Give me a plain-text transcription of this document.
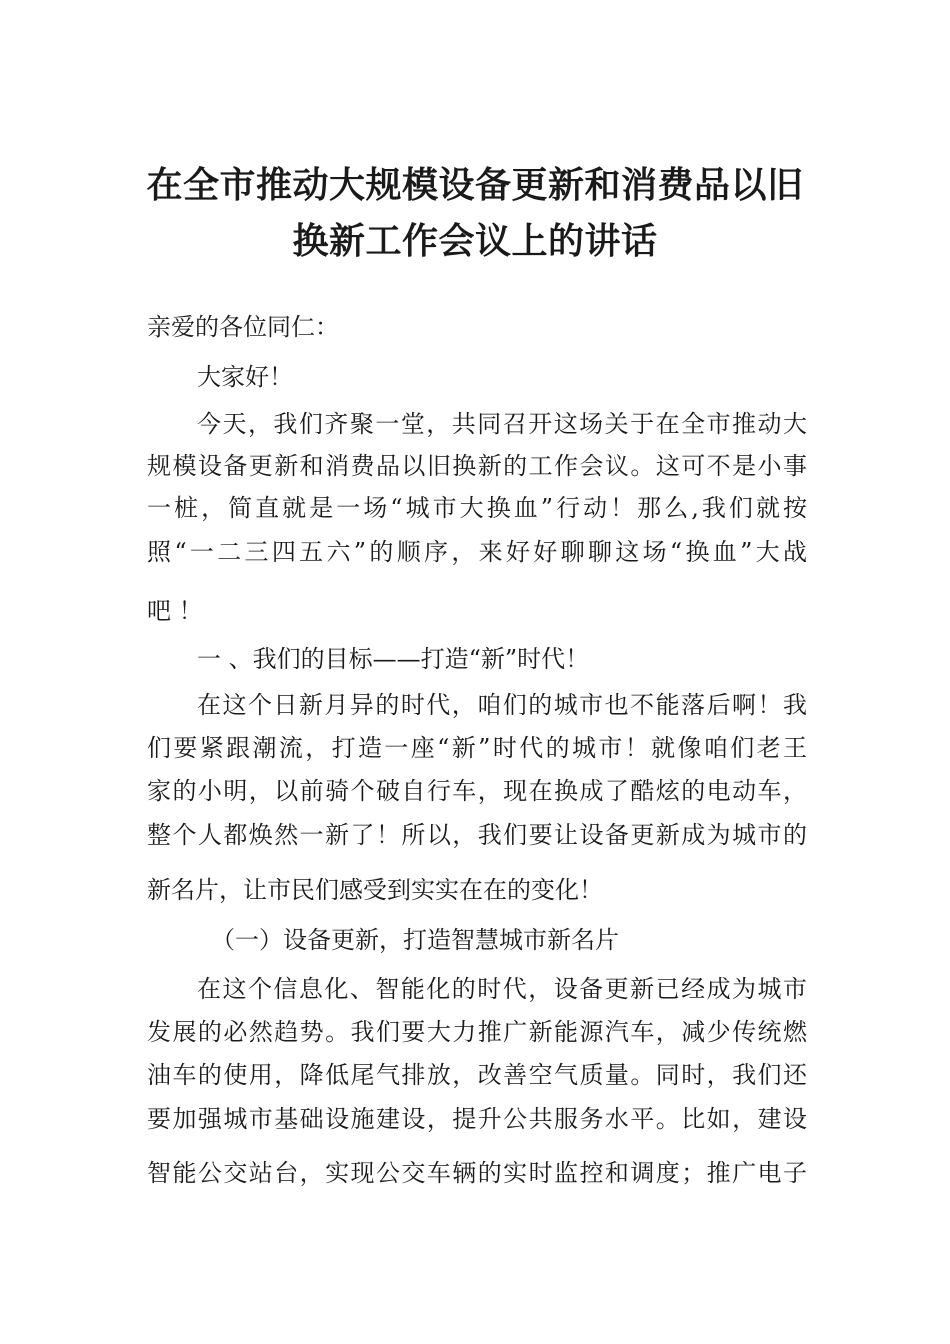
在全市推动大规模设备更新和消费品以旧
换新工作会议上的讲话

亲爱的各位同仁：

大家好！

今天，我们齐聚一堂，共同召开这场关于在全市推动大

规模设备更新和消费品以旧换新的工作会议。这可不是小事

一桩，简直就是一场“城市大换血”行动！那么,我们就按

照“一二三四五六”的顺序，来好好聊聊这场“换血”大战

吧 ！

一 、我们的目标——打造“新”时代！

在这个日新月异的时代，咱们的城市也不能落后啊！我

们要紧跟潮流，打造一座“新”时代的城市！就像咱们老王

家的小明，以前骑个破自行车，现在换成了酷炫的电动车，

整个人都焕然一新了！所以，我们要让设备更新成为城市的

新名片，让市民们感受到实实在在的变化！

（一）设备更新，打造智慧城市新名片

在这个信息化、智能化的时代，设备更新已经成为城市

发展的必然趋势。我们要大力推广新能源汽车，减少传统燃

油车的使用，降低尾气排放，改善空气质量。同时，我们还

要加强城市基础设施建设，提升公共服务水平。比如，建设

智能公交站台，实现公交车辆的实时监控和调度；推广电子
